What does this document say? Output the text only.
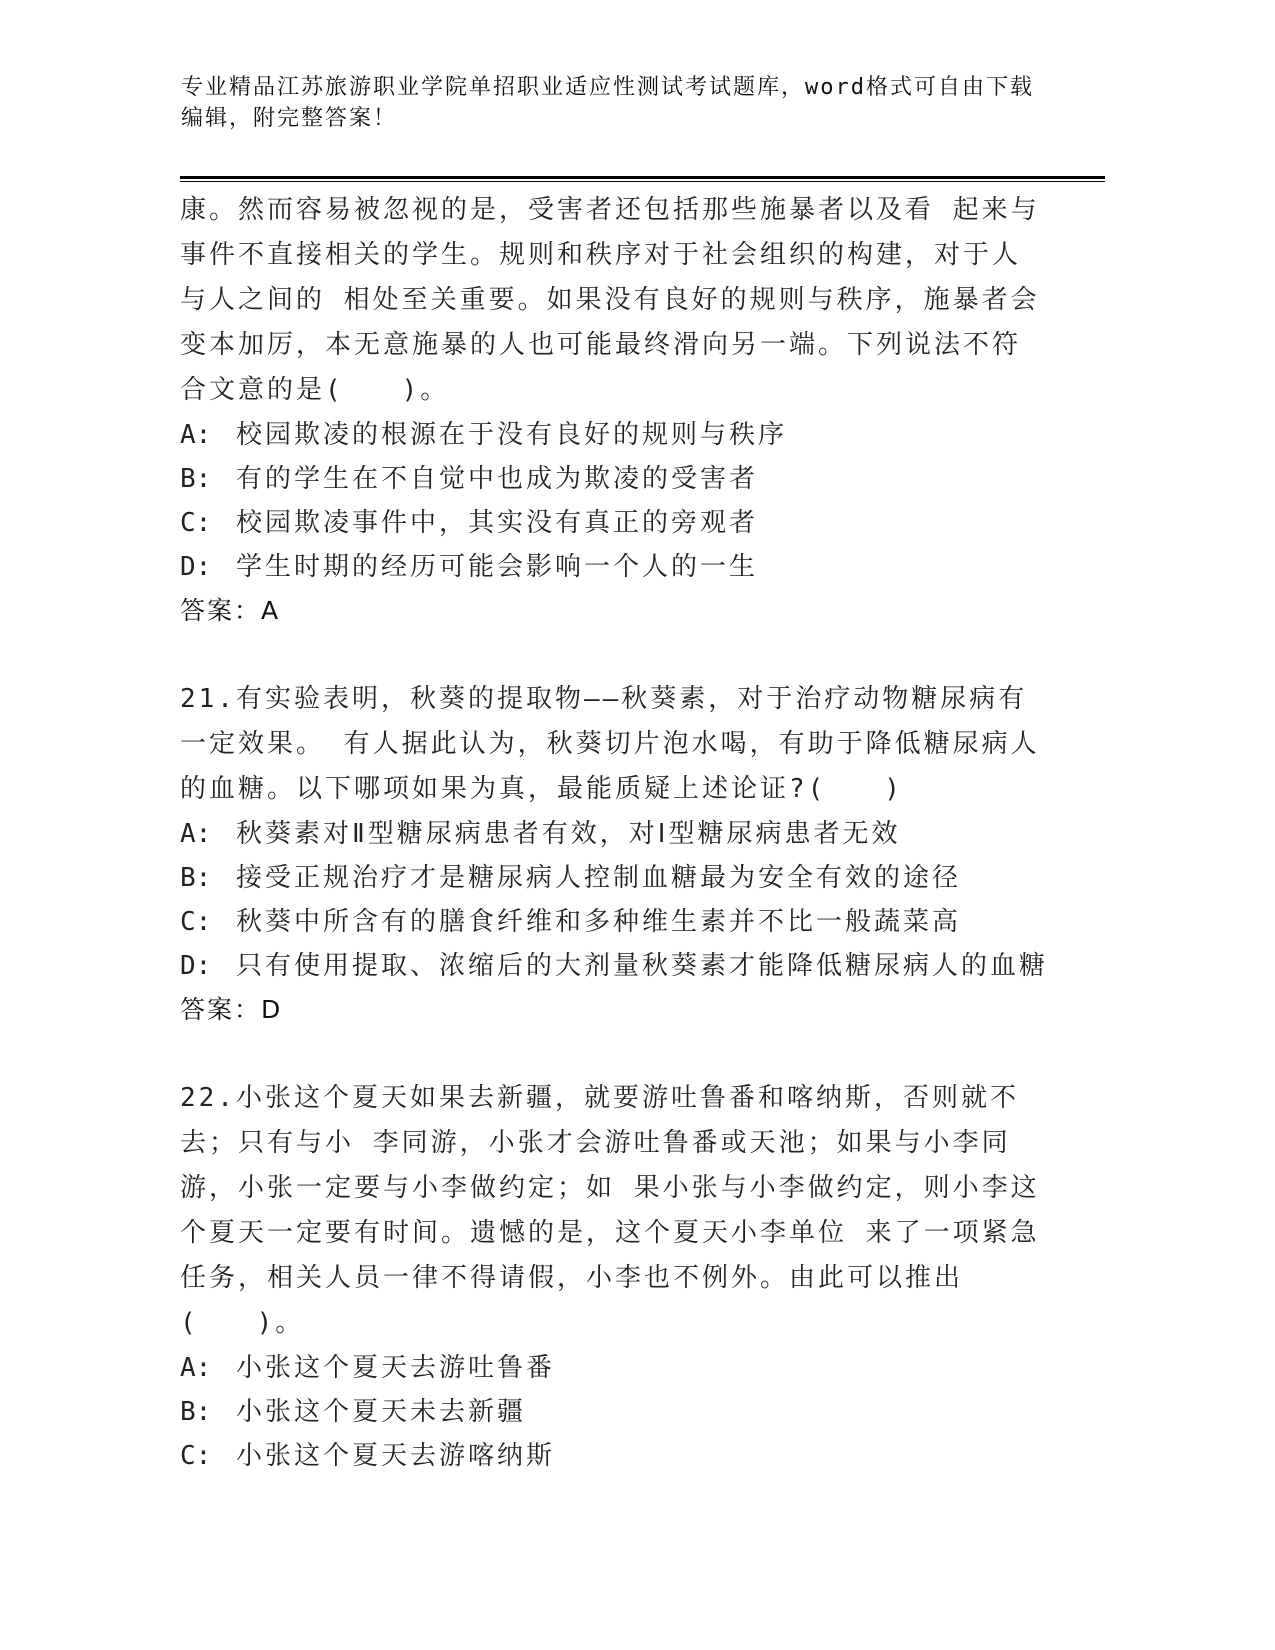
专业精品江苏旅游职业学院单招职业适应性测试考试题库，word格式可自由下载
编辑，附完整答案！

康。然而容易被忽视的是，受害者还包括那些施暴者以及看 起来与事件不直接相关的学生。规则和秩序对于社会组织的构建，对于人与人之间的 相处至关重要。如果没有良好的规则与秩序，施暴者会变本加厉，本无意施暴的人也可能最终滑向另一端。下列说法不符合文意的是(　　)。

A: 校园欺凌的根源在于没有良好的规则与秩序
B: 有的学生在不自觉中也成为欺凌的受害者
C: 校园欺凌事件中，其实没有真正的旁观者
D: 学生时期的经历可能会影响一个人的一生
答案：A

21.有实验表明，秋葵的提取物——秋葵素，对于治疗动物糖尿病有一定效果。 有人据此认为，秋葵切片泡水喝，有助于降低糖尿病人的血糖。以下哪项如果为真，最能质疑上述论证?(　　)

A: 秋葵素对Ⅱ型糖尿病患者有效，对Ⅰ型糖尿病患者无效
B: 接受正规治疗才是糖尿病人控制血糖最为安全有效的途径
C: 秋葵中所含有的膳食纤维和多种维生素并不比一般蔬菜高
D: 只有使用提取、浓缩后的大剂量秋葵素才能降低糖尿病人的血糖
答案：D

22.小张这个夏天如果去新疆，就要游吐鲁番和喀纳斯，否则就不去；只有与小 李同游，小张才会游吐鲁番或天池；如果与小李同游，小张一定要与小李做约定；如 果小张与小李做约定，则小李这个夏天一定要有时间。遗憾的是，这个夏天小李单位 来了一项紧急任务，相关人员一律不得请假，小李也不例外。由此可以推出(　　)。

A: 小张这个夏天去游吐鲁番
B: 小张这个夏天未去新疆
C: 小张这个夏天去游喀纳斯
